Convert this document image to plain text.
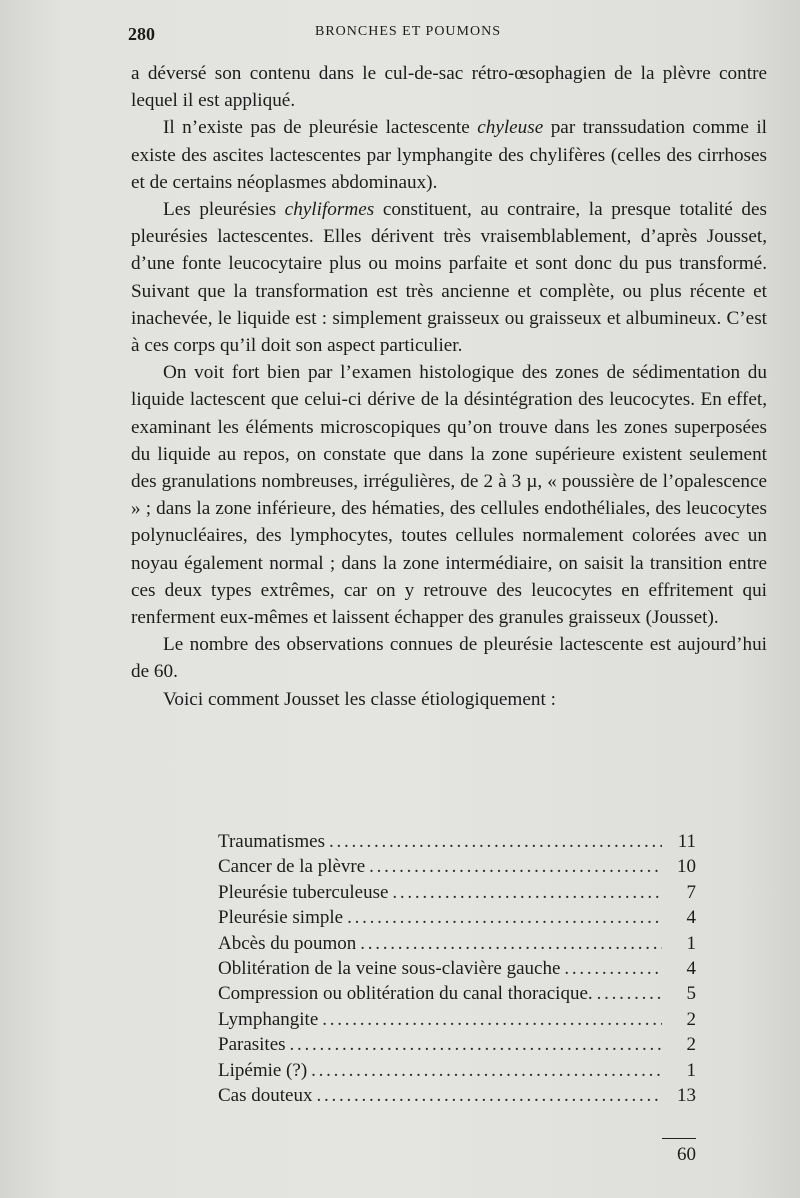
280	BRONCHES ET POUMONS

a déversé son contenu dans le cul-de-sac rétro-œsophagien de la plèvre contre lequel il est appliqué.

Il n’existe pas de pleurésie lactescente chyleuse par transsudation comme il existe des ascites lactescentes par lymphangite des chylifères (celles des cirrhoses et de certains néoplasmes abdominaux).

Les pleurésies chyliformes constituent, au contraire, la presque totalité des pleurésies lactescentes. Elles dérivent très vraisemblablement, d’après Jousset, d’une fonte leucocytaire plus ou moins parfaite et sont donc du pus transformé. Suivant que la transformation est très ancienne et complète, ou plus récente et inachevée, le liquide est : simplement graisseux ou graisseux et albumineux. C’est à ces corps qu’il doit son aspect particulier.

On voit fort bien par l’examen histologique des zones de sédimentation du liquide lactescent que celui-ci dérive de la désintégration des leucocytes. En effet, examinant les éléments microscopiques qu’on trouve dans les zones superposées du liquide au repos, on constate que dans la zone supérieure existent seulement des granulations nombreuses, irrégulières, de 2 à 3 µ, « poussière de l’opalescence » ; dans la zone inférieure, des hématies, des cellules endothéliales, des leucocytes polynucléaires, des lymphocytes, toutes cellules normalement colorées avec un noyau également normal ; dans la zone intermédiaire, on saisit la transition entre ces deux types extrêmes, car on y retrouve des leucocytes en effritement qui renferment eux-mêmes et laissent échapper des granules graisseux (Jousset).

Le nombre des observations connues de pleurésie lactescente est aujourd’hui de 60.

Voici comment Jousset les classe étiologiquement :

Traumatismes . . .	11
Cancer de la plèvre . . .	10
Pleurésie tuberculeuse . . .	7
Pleurésie simple . . .	4
Abcès du poumon . . .	1
Oblitération de la veine sous-clavière gauche . . .	4
Compression ou oblitération du canal thoracique. . . .	5
Lymphangite . . .	2
Parasites . . .	2
Lipémie (?) . . .	1
Cas douteux . . .	13
60
